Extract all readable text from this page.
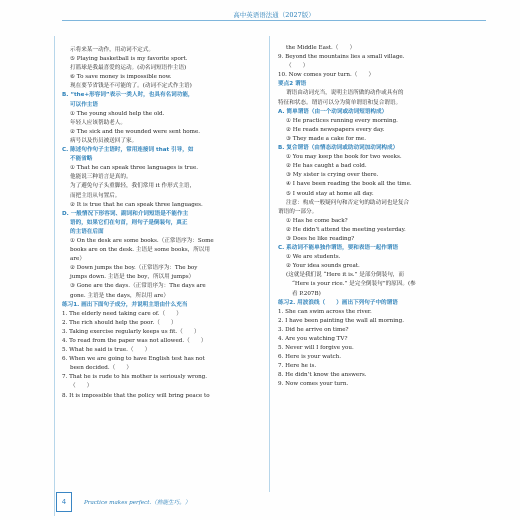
高中英语语法通（2027版）
示将来某一动作，用动词不定式。
⑤ Playing basketball is my favorite sport.
打篮球是我最喜爱的运动。(动名词短语作主语)
⑥ To save money is impossible now.
现在要节省钱是不可能的了。(动词不定式作主语)
B. “the+形容词”表示一类人时，也具有名词功能，
可以作主语
① The young should help the old.
年轻人应该帮助老人。
② The sick and the wounded were sent home.
病号以及伤员被送回了家。
C. 陈述句作句子主语时，常用连接词 that 引导，如
不能省略
① That he can speak three languages is true.
他能说三种语言是真的。
为了避免句子头重脚轻，我们常用 it 作形式主语，
而把主语从句置后。
② It is true that he can speak three languages.
D. 一般情况下形容词、副词和介词短语是不能作主
语的，如果它们在句首，则句子是倒装句，真正
的主语在后面
① On the desk are some books.（正常语序为：Some
books are on the desk. 主语是 some books，所以用
are）
② Down jumps the boy.（正常语序为：The boy
jumps down. 主语是 the boy，所以用 jumps）
③ Gone are the days.（正常语序为：The days are
gone. 主语是 the days，所以用 are）
练习1. 画出下面句子成分，并说明主语由什么充当
1. The elderly need taking care of.（　　）
2. The rich should help the poor.（　　）
3. Taking exercise regularly keeps us fit.（　　）
4. To read from the paper was not allowed.（　　）
5. What he said is true.（　　）
6. When we are going to have English test has not
been decided.（　　）
7. That he is rude to his mother is seriously wrong.
（　　）
8. It is impossible that the policy will bring peace to
the Middle East.（　　）
9. Beyond the mountains lies a small village.
（　　）
10. Now comes your turn.（　　）
要点2 谓语
谓语由动词充当，说明主语所做的动作或具有的
特征和状态。谓语可以分为简单谓语和复合谓语。
A. 简单谓语（由一个动词或动词短语构成）
① He practices running every morning.
② He reads newspapers every day.
③ They made a cake for me.
B. 复合谓语（由情态动词或助动词加动词构成）
① You may keep the book for two weeks.
② He has caught a bad cold.
③ My sister is crying over there.
④ I have been reading the book all the time.
⑤ I would stay at home all day.
注意：构成一般疑问句和否定句的助动词也是复合
谓语的一部分。
① Has he come back?
② He didn’t attend the meeting yesterday.
③ Does he like reading?
C. 系动词不能单独作谓语，要和表语一起作谓语
① We are students.
② Your idea sounds great.
(这就是我们说 “Here it is.” 是部分倒装句，而
“Here is your rice.” 是完全倒装句”的原因。(参
看 P.207B)
练习2. 用波浪线（　　）画出下列句子中的谓语
1. She can swim across the river.
2. I have been painting the wall all morning.
3. Did he arrive on time?
4. Are you watching TV?
5. Never will I forgive you.
6. Here is your watch.
7. Here he is.
8. He didn’t know the answers.
9. Now comes your turn.
4	Practice makes perfect.（熟能生巧。）
